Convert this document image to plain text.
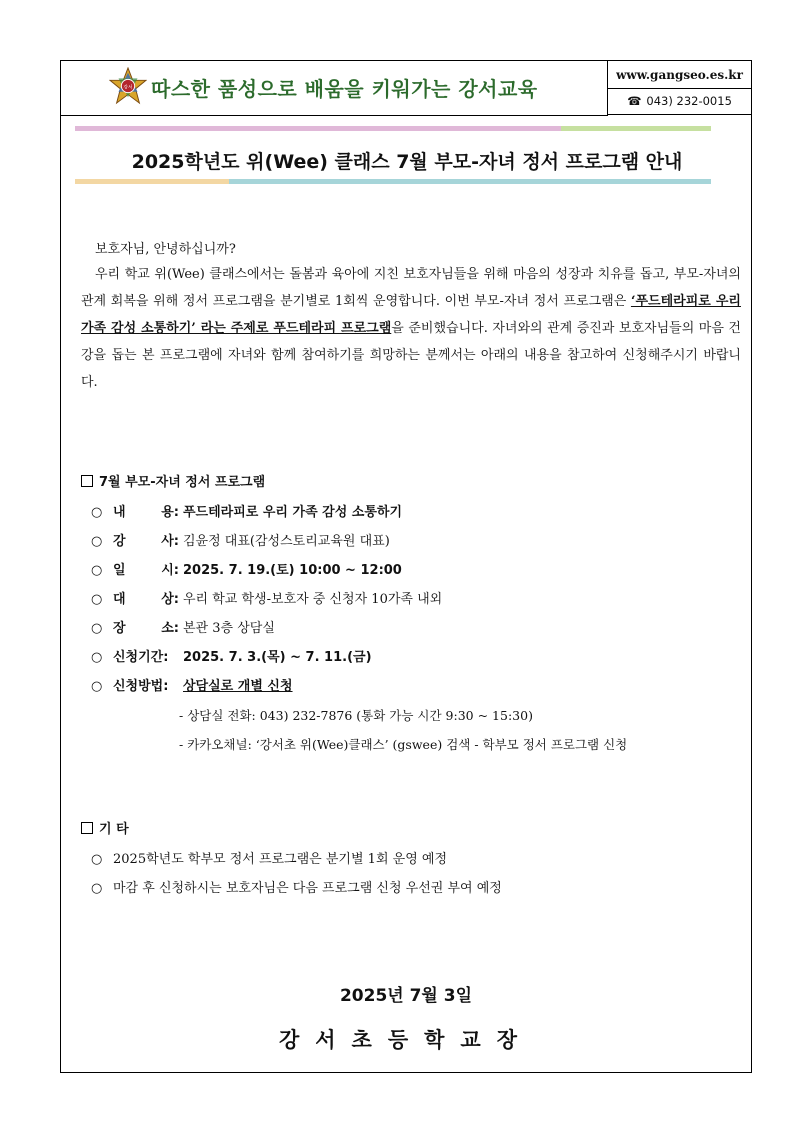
강서 따스한 품성으로 배움을 키워가는 강서교육
www.gangseo.es.kr
☎ 043) 232-0015
2025학년도 위(Wee) 클래스 7월 부모-자녀 정서 프로그램 안내

보호자님, 안녕하십니까?

우리 학교 위(Wee) 클래스에서는 돌봄과 육아에 지친 보호자님들을 위해 마음의 성장과 치유를 돕고, 부모-자녀의 관계 회복을 위해 정서 프로그램을 분기별로 1회씩 운영합니다. 이번 부모-자녀 정서 프로그램은 ‘푸드테라피로 우리 가족 감성 소통하기’ 라는 주제로 푸드테라피 프로그램을 준비했습니다. 자녀와의 관계 증진과 보호자님들의 마음 건강을 돕는 본 프로그램에 자녀와 함께 참여하기를 희망하는 분께서는 아래의 내용을 참고하여 신청해주시기 바랍니다.

7월 부모-자녀 정서 프로그램
○ 내 용: 푸드테라피로 우리 가족 감성 소통하기
○ 강 사: 김윤정 대표(감성스토리교육원 대표)
○ 일 시: 2025. 7. 19.(토) 10:00 ~ 12:00
○ 대 상: 우리 학교 학생-보호자 중 신청자 10가족 내외
○ 장 소: 본관 3층 상담실
○ 신청기간: 2025. 7. 3.(목) ~ 7. 11.(금)
○ 신청방법: 상담실로 개별 신청
- 상담실 전화: 043) 232-7876 (통화 가능 시간 9:30 ~ 15:30)
- 카카오채널: ‘강서초 위(Wee)클래스’ (gswee) 검색 - 학부모 정서 프로그램 신청
기 타
○ 2025학년도 학부모 정서 프로그램은 분기별 1회 운영 예정
○ 마감 후 신청하시는 보호자님은 다음 프로그램 신청 우선권 부여 예정
2025년 7월 3일
강서초등학교장
